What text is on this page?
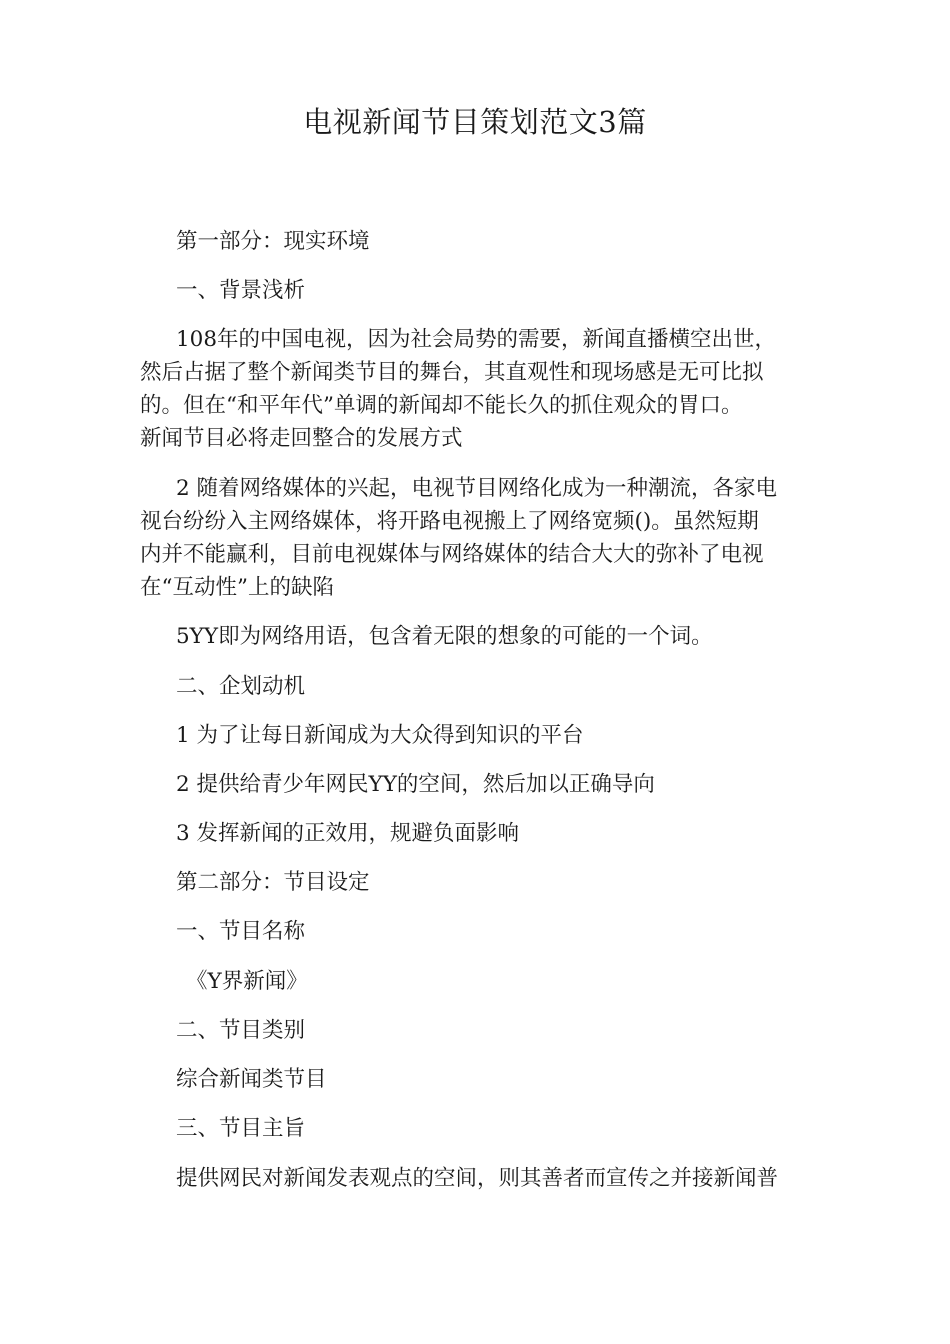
电视新闻节目策划范文3篇
第一部分：现实环境
一、背景浅析
108年的中国电视，因为社会局势的需要，新闻直播横空出世，
然后占据了整个新闻类节目的舞台，其直观性和现场感是无可比拟
的。但在“和平年代”单调的新闻却不能长久的抓住观众的胃口。
新闻节目必将走回整合的发展方式
2 随着网络媒体的兴起，电视节目网络化成为一种潮流，各家电
视台纷纷入主网络媒体，将开路电视搬上了网络宽频()。虽然短期
内并不能赢利，目前电视媒体与网络媒体的结合大大的弥补了电视
在“互动性”上的缺陷
5YY即为网络用语，包含着无限的想象的可能的一个词。
二、企划动机
1 为了让每日新闻成为大众得到知识的平台
2 提供给青少年网民YY的空间，然后加以正确导向
3 发挥新闻的正效用，规避负面影响
第二部分：节目设定
一、节目名称
《Y界新闻》
二、节目类别
综合新闻类节目
三、节目主旨
提供网民对新闻发表观点的空间，则其善者而宣传之并接新闻普
